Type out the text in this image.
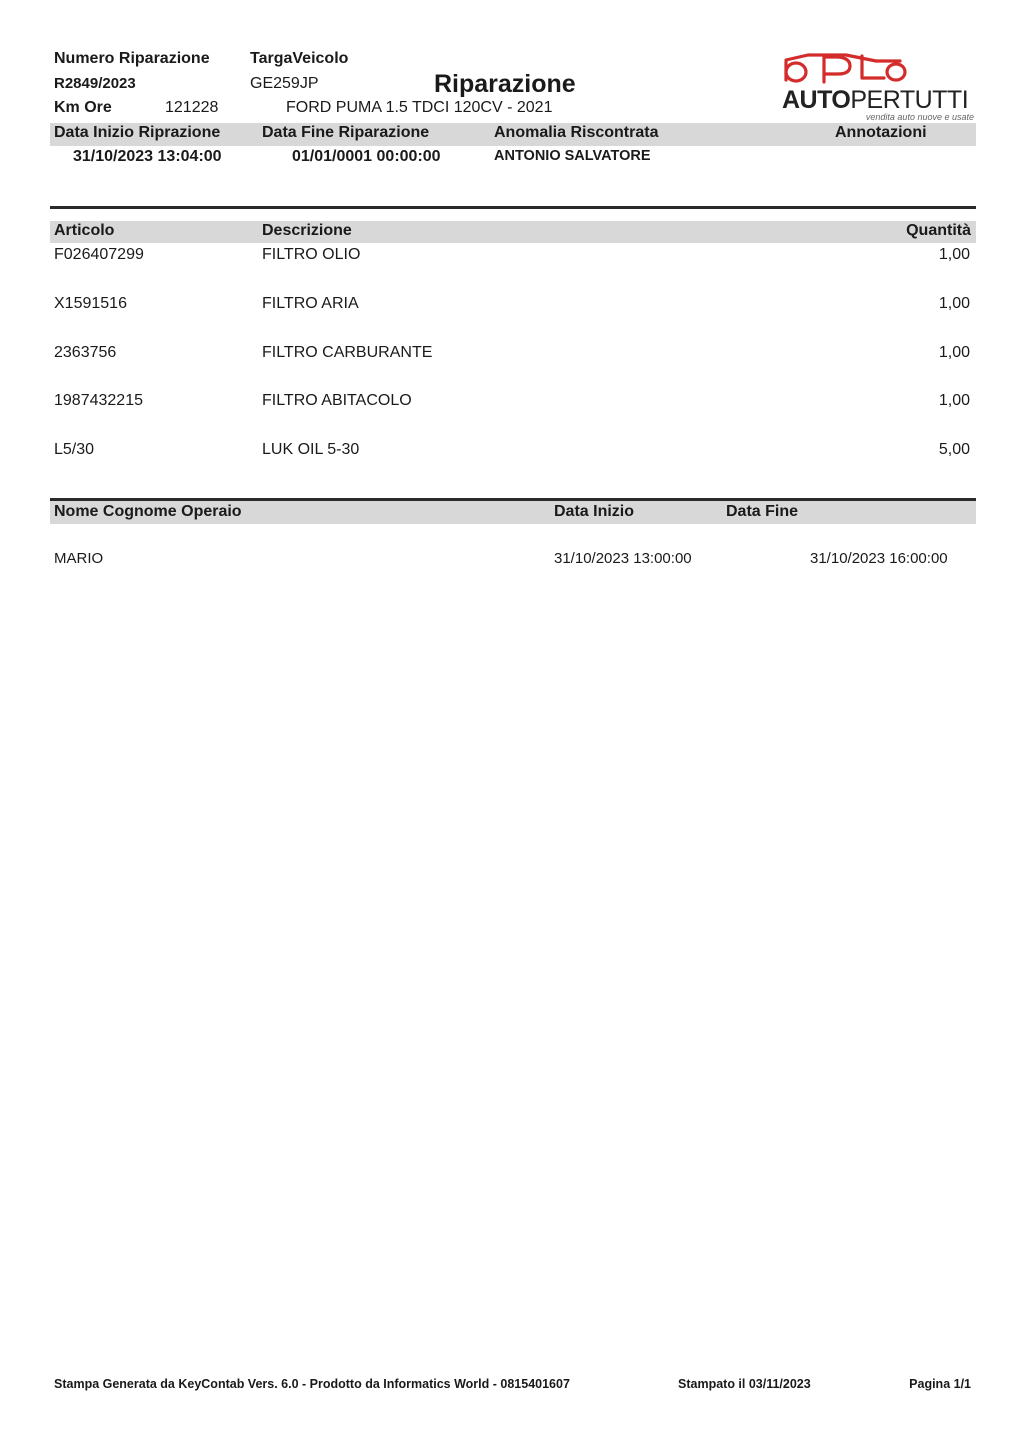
Numero Riparazione
R2849/2023
Km Ore	121228
TargaVeicolo
GE259JP	Riparazione
FORD PUMA 1.5 TDCI 120CV - 2021	AUTOPERTUTTI
vendita auto nuove e usate
Data Inizio Riprazione	Data Fine Riparazione	Anomalia Riscontrata	Annotazioni
31/10/2023 13:04:00	01/01/0001 00:00:00	ANTONIO SALVATORE
Articolo	Descrizione	Quantità
F026407299	FILTRO OLIO	1,00
X1591516	FILTRO ARIA	1,00
2363756	FILTRO CARBURANTE	1,00
1987432215	FILTRO ABITACOLO	1,00
L5/30	LUK OIL 5-30	5,00
Nome Cognome Operaio	Data Inizio	Data Fine
MARIO	31/10/2023 13:00:00	31/10/2023 16:00:00
Stampa Generata da KeyContab Vers. 6.0 - Prodotto da Informatics World - 0815401607	Stampato il 03/11/2023	Pagina 1/1
